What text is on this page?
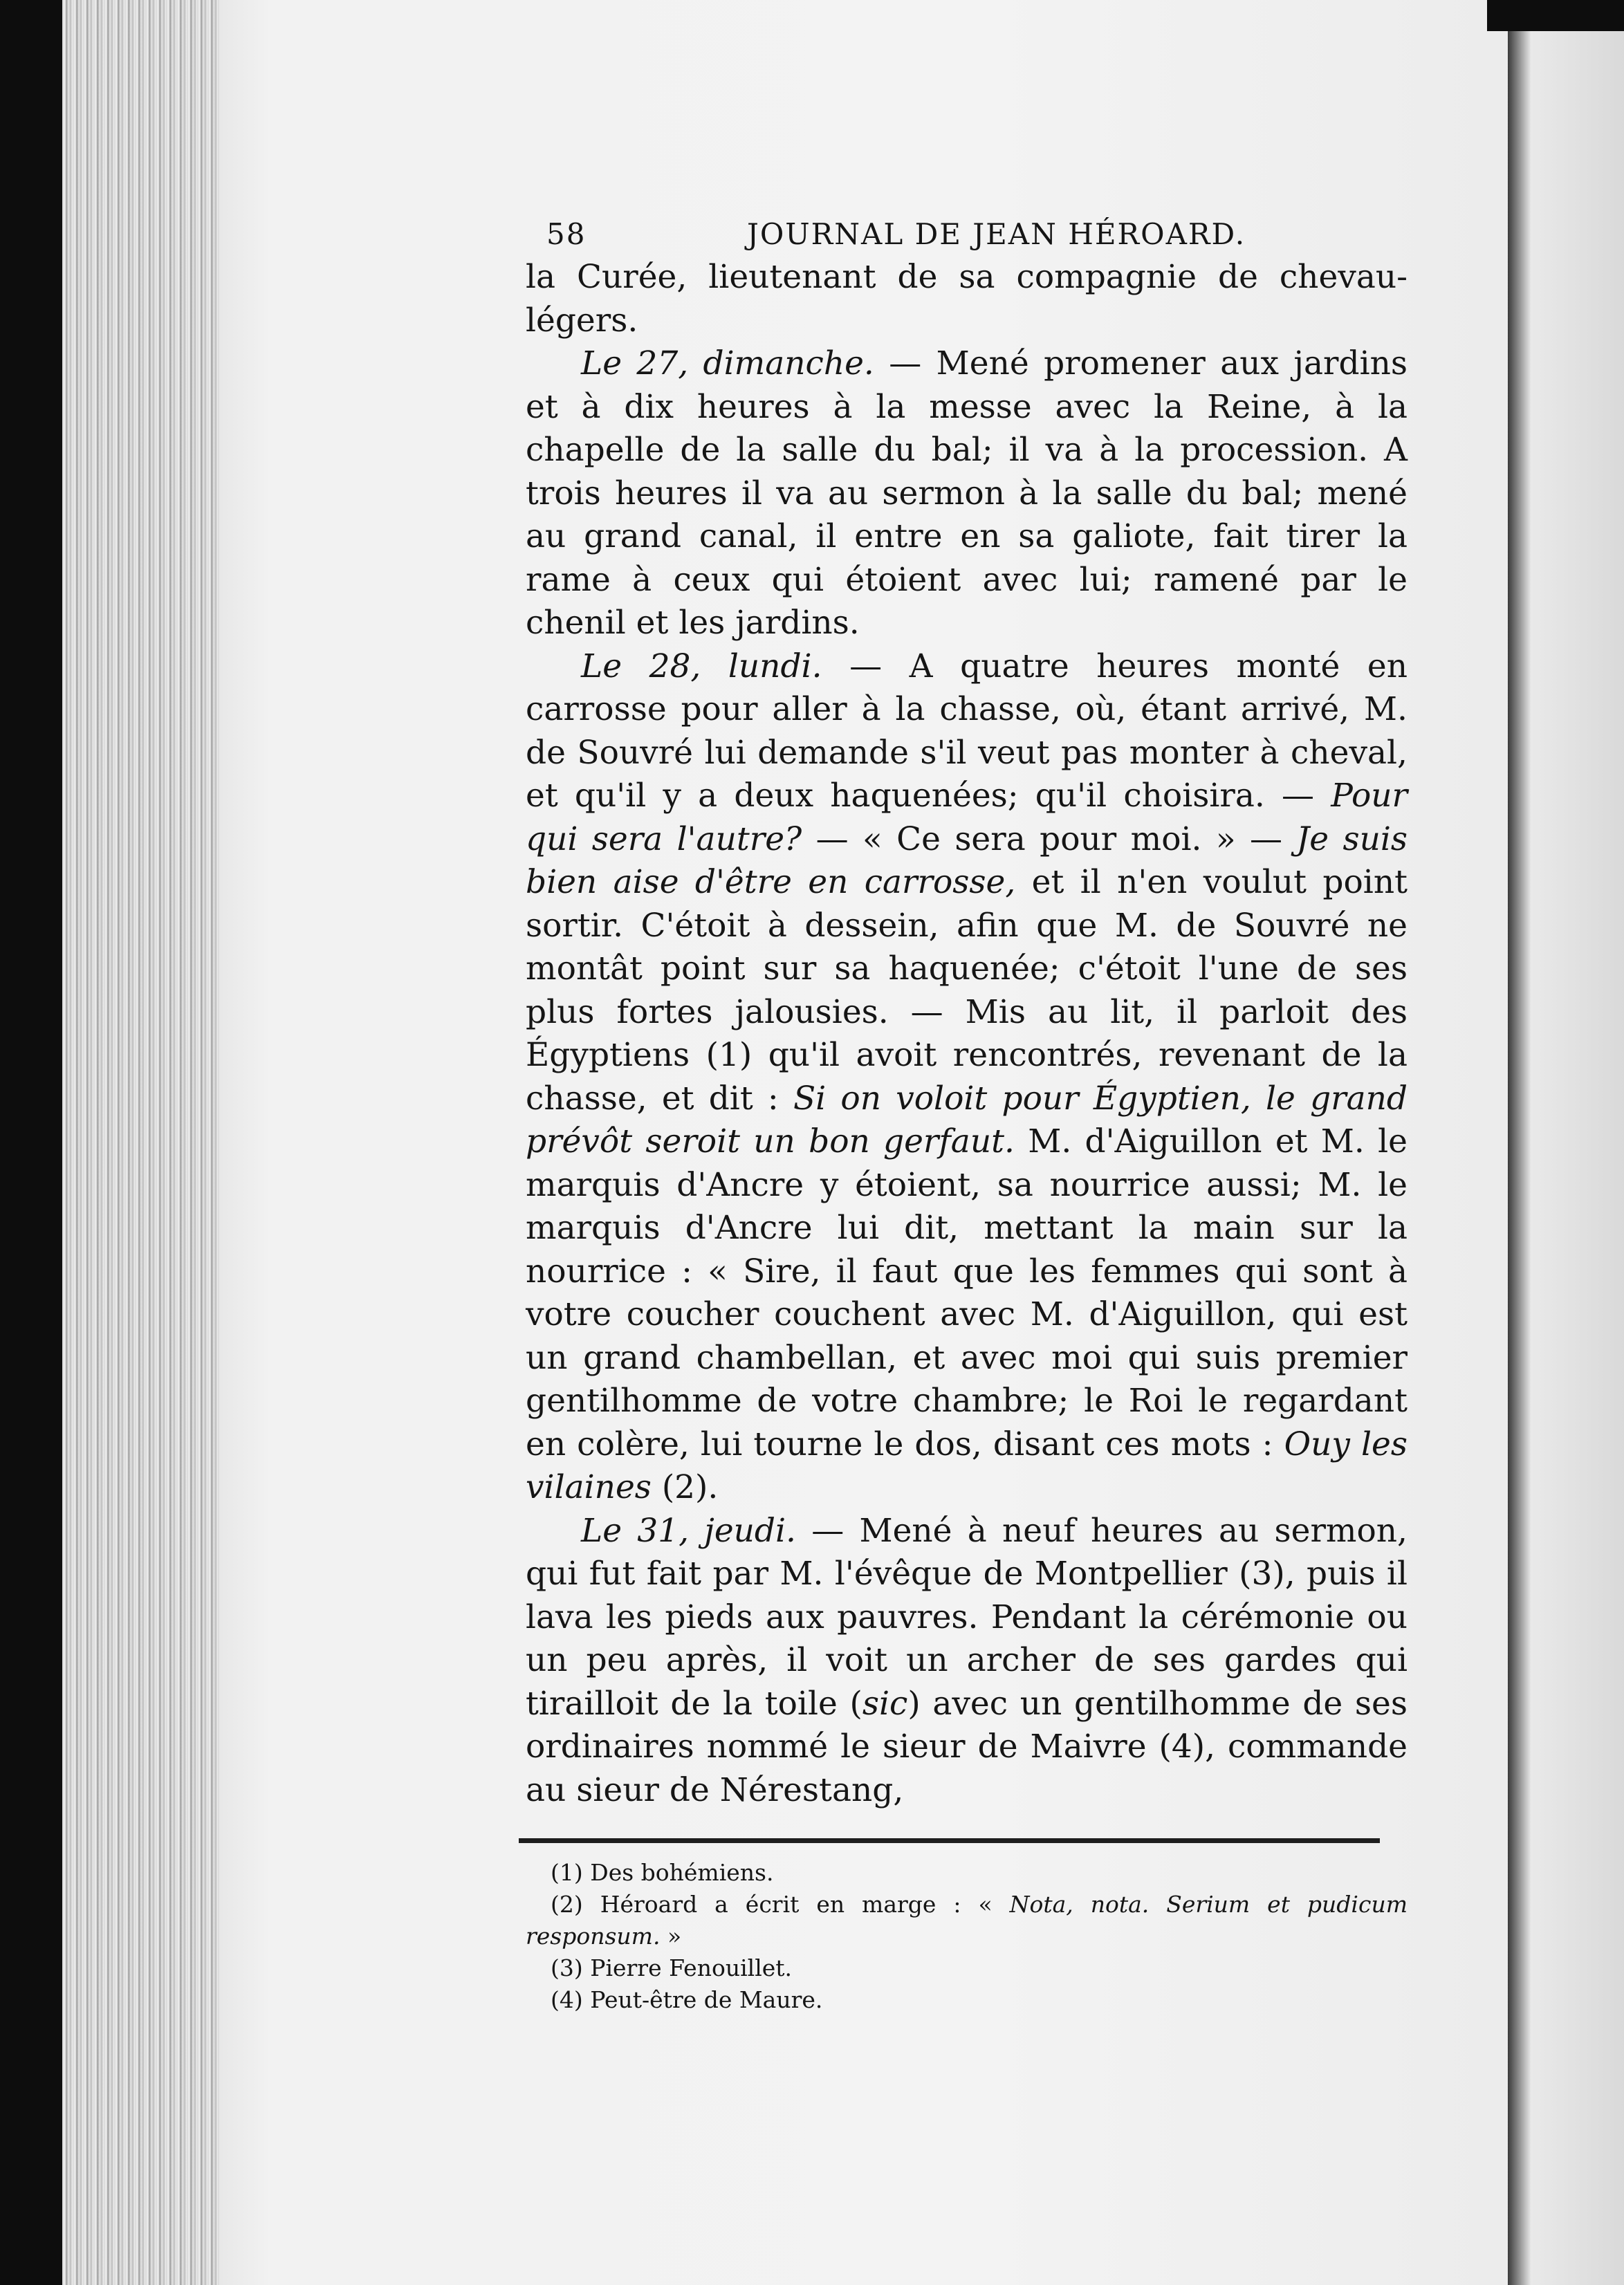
58	JOURNAL DE JEAN HÉROARD.

la Curée, lieutenant de sa compagnie de chevau-légers.

Le 27, dimanche. — Mené promener aux jardins et à dix heures à la messe avec la Reine, à la chapelle de la salle du bal; il va à la procession. A trois heures il va au sermon à la salle du bal; mené au grand canal, il entre en sa galiote, fait tirer la rame à ceux qui étoient avec lui; ramené par le chenil et les jardins.

Le 28, lundi. — A quatre heures monté en carrosse pour aller à la chasse, où, étant arrivé, M. de Souvré lui demande s'il veut pas monter à cheval, et qu'il y a deux haquenées; qu'il choisira. — Pour qui sera l'autre? — « Ce sera pour moi. » — Je suis bien aise d'être en carrosse, et il n'en voulut point sortir. C'étoit à dessein, afin que M. de Souvré ne montât point sur sa haquenée; c'étoit l'une de ses plus fortes jalousies. — Mis au lit, il parloit des Égyptiens (1) qu'il avoit rencontrés, revenant de la chasse, et dit : Si on voloit pour Égyptien, le grand prévôt seroit un bon gerfaut. M. d'Aiguillon et M. le marquis d'Ancre y étoient, sa nourrice aussi; M. le marquis d'Ancre lui dit, mettant la main sur la nourrice : « Sire, il faut que les femmes qui sont à votre coucher couchent avec M. d'Aiguillon, qui est un grand chambellan, et avec moi qui suis premier gentilhomme de votre chambre; le Roi le regardant en colère, lui tourne le dos, disant ces mots : Ouy les vilaines (2).

Le 31, jeudi. — Mené à neuf heures au sermon, qui fut fait par M. l'évêque de Montpellier (3), puis il lava les pieds aux pauvres. Pendant la cérémonie ou un peu après, il voit un archer de ses gardes qui tirailloit de la toile (sic) avec un gentilhomme de ses ordinaires nommé le sieur de Maivre (4), commande au sieur de Nérestang,

(1) Des bohémiens.

(2) Héroard a écrit en marge : « Nota, nota. Serium et pudicum responsum. »

(3) Pierre Fenouillet.

(4) Peut-être de Maure.
